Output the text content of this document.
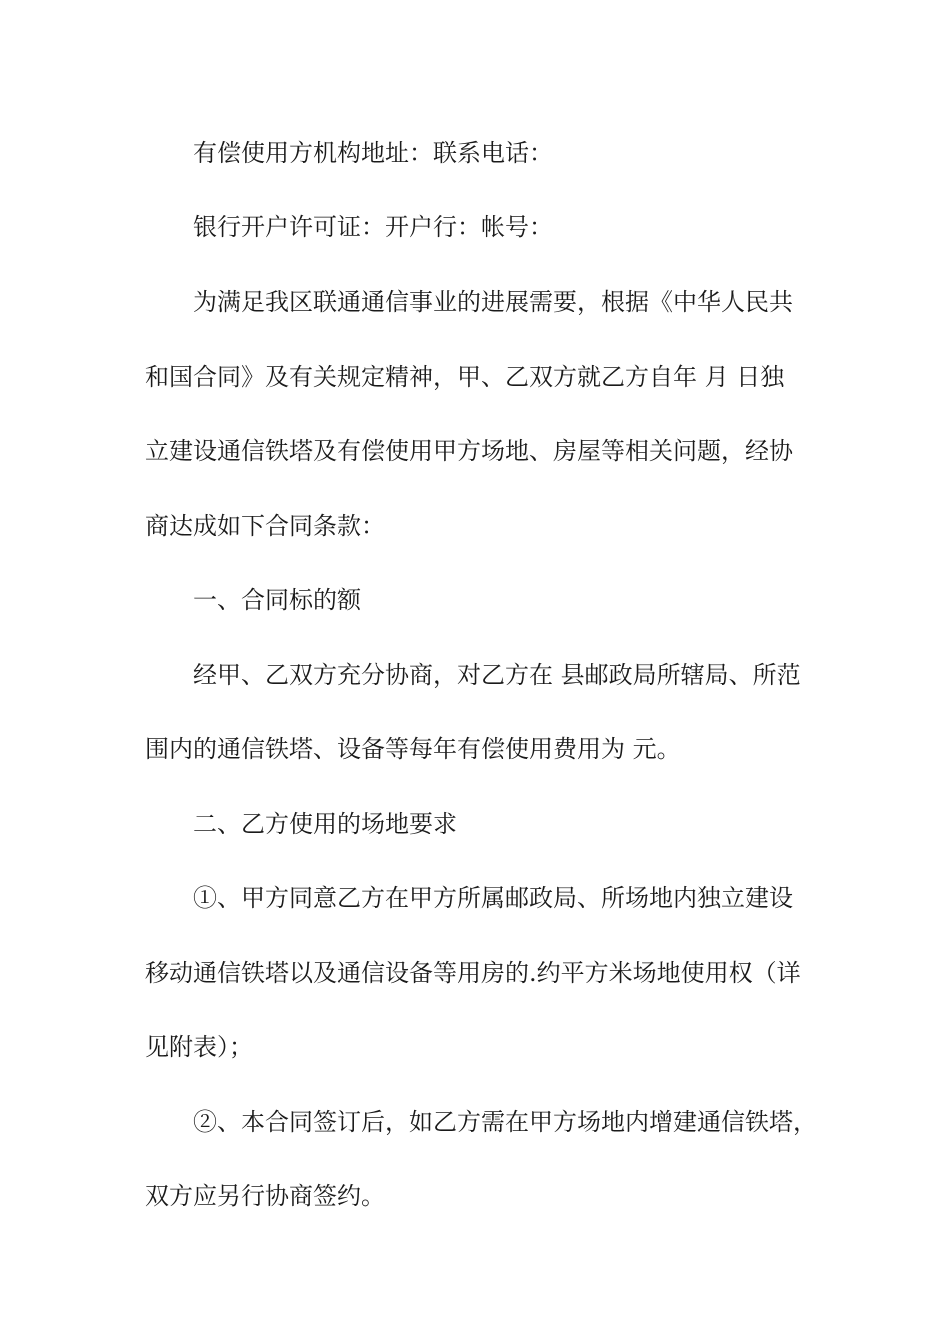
有偿使用方机构地址：联系电话：
银行开户许可证：开户行：帐号：
为满足我区联通通信事业的进展需要，根据《中华人民共
和国合同》及有关规定精神，甲、乙双方就乙方自年 月 日独
立建设通信铁塔及有偿使用甲方场地、房屋等相关问题，经协
商达成如下合同条款：
一、合同标的额
经甲、乙双方充分协商，对乙方在 县邮政局所辖局、所范
围内的通信铁塔、设备等每年有偿使用费用为 元。
二、乙方使用的场地要求
①、甲方同意乙方在甲方所属邮政局、所场地内独立建设
移动通信铁塔以及通信设备等用房的.约平方米场地使用权（详
见附表）；
②、本合同签订后，如乙方需在甲方场地内增建通信铁塔，
双方应另行协商签约。
